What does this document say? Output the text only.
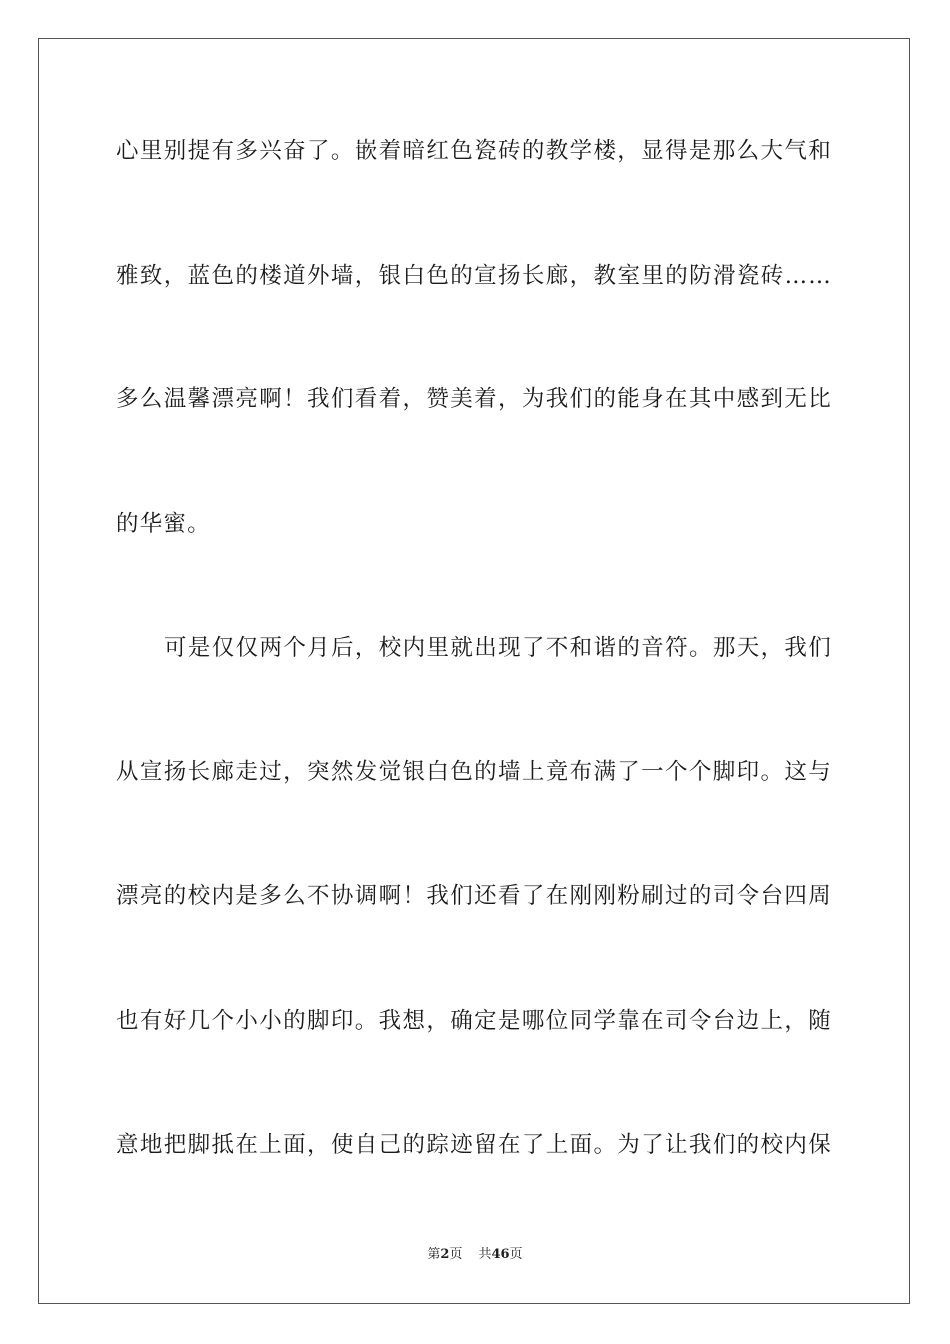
心里别提有多兴奋了。嵌着暗红色瓷砖的教学楼，显得是那么大气和
雅致，蓝色的楼道外墙，银白色的宣扬长廊，教室里的防滑瓷砖……
多么温馨漂亮啊！我们看着，赞美着，为我们的能身在其中感到无比
的华蜜。
可是仅仅两个月后，校内里就出现了不和谐的音符。那天，我们
从宣扬长廊走过，突然发觉银白色的墙上竟布满了一个个脚印。这与
漂亮的校内是多么不协调啊！我们还看了在刚刚粉刷过的司令台四周
也有好几个小小的脚印。我想，确定是哪位同学靠在司令台边上，随
意地把脚抵在上面，使自己的踪迹留在了上面。为了让我们的校内保
第2页 共46页
